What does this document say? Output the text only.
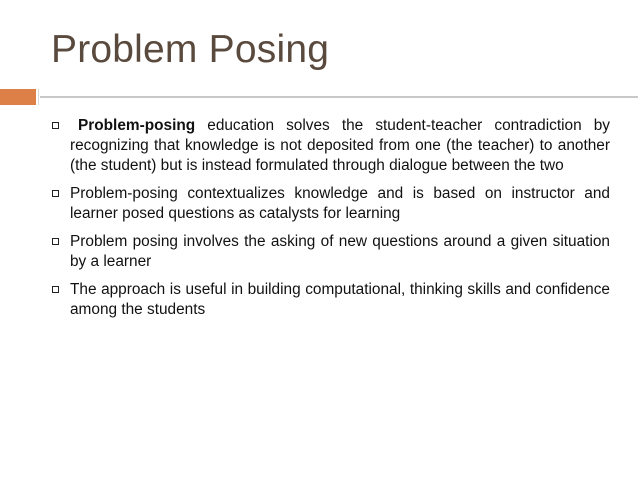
Problem Posing
Problem-posing education solves the student-teacher contradiction by recognizing that knowledge is not deposited from one (the teacher) to another (the student) but is instead formulated through dialogue between the two
Problem-posing contextualizes knowledge and is based on instructor and learner posed questions as catalysts for learning
Problem posing involves the asking of new questions around a given situation by a learner
The approach is useful in building computational, thinking skills and confidence among the students
